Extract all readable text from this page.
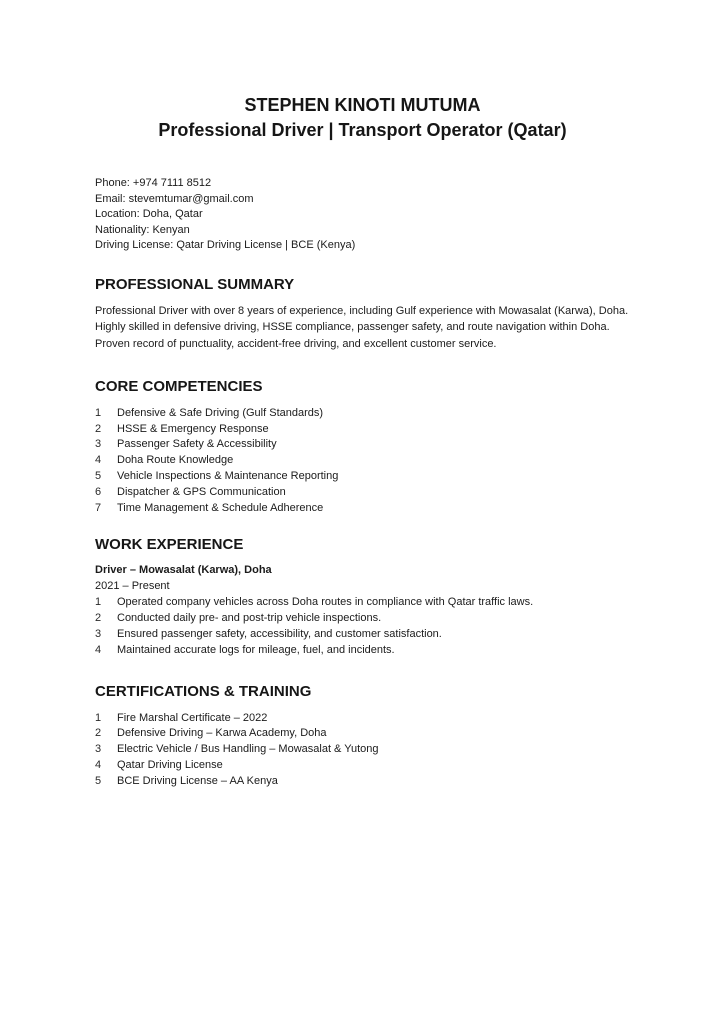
STEPHEN KINOTI MUTUMA
Professional Driver | Transport Operator (Qatar)
Phone: +974 7111 8512
Email: stevemtumar@gmail.com
Location: Doha, Qatar
Nationality: Kenyan
Driving License: Qatar Driving License | BCE (Kenya)
PROFESSIONAL SUMMARY

Professional Driver with over 8 years of experience, including Gulf experience with Mowasalat (Karwa), Doha. Highly skilled in defensive driving, HSSE compliance, passenger safety, and route navigation within Doha. Proven record of punctuality, accident-free driving, and excellent customer service.

CORE COMPETENCIES
Defensive & Safe Driving (Gulf Standards)
HSSE & Emergency Response
Passenger Safety & Accessibility
Doha Route Knowledge
Vehicle Inspections & Maintenance Reporting
Dispatcher & GPS Communication
Time Management & Schedule Adherence
WORK EXPERIENCE
Driver – Mowasalat (Karwa), Doha
2021 – Present
Operated company vehicles across Doha routes in compliance with Qatar traffic laws.
Conducted daily pre- and post-trip vehicle inspections.
Ensured passenger safety, accessibility, and customer satisfaction.
Maintained accurate logs for mileage, fuel, and incidents.
CERTIFICATIONS & TRAINING
Fire Marshal Certificate – 2022
Defensive Driving – Karwa Academy, Doha
Electric Vehicle / Bus Handling – Mowasalat & Yutong
Qatar Driving License
BCE Driving License – AA Kenya
